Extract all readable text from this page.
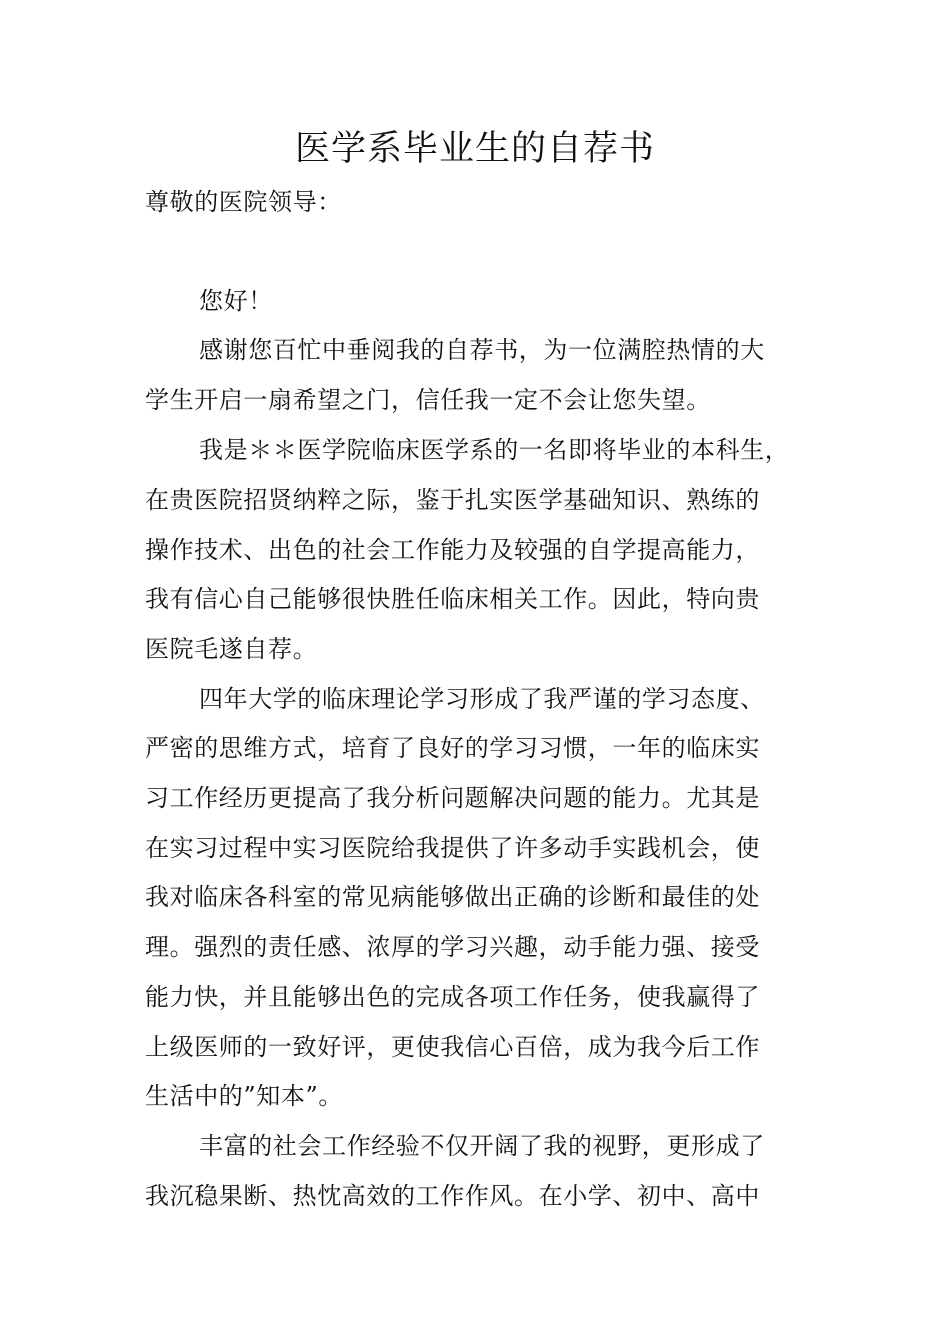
医学系毕业生的自荐书

尊敬的医院领导：

您好！

感谢您百忙中垂阅我的自荐书，为一位满腔热情的大

学生开启一扇希望之门，信任我一定不会让您失望。

我是＊＊医学院临床医学系的一名即将毕业的本科生，

在贵医院招贤纳粹之际，鉴于扎实医学基础知识、熟练的

操作技术、出色的社会工作能力及较强的自学提高能力，

我有信心自己能够很快胜任临床相关工作。因此，特向贵

医院毛遂自荐。

四年大学的临床理论学习形成了我严谨的学习态度、

严密的思维方式，培育了良好的学习习惯，一年的临床实

习工作经历更提高了我分析问题解决问题的能力。尤其是

在实习过程中实习医院给我提供了许多动手实践机会，使

我对临床各科室的常见病能够做出正确的诊断和最佳的处

理。强烈的责任感、浓厚的学习兴趣，动手能力强、接受

能力快，并且能够出色的完成各项工作任务，使我赢得了

上级医师的一致好评，更使我信心百倍，成为我今后工作

生活中的”知本”。

丰富的社会工作经验不仅开阔了我的视野，更形成了

我沉稳果断、热忱高效的工作作风。在小学、初中、高中
